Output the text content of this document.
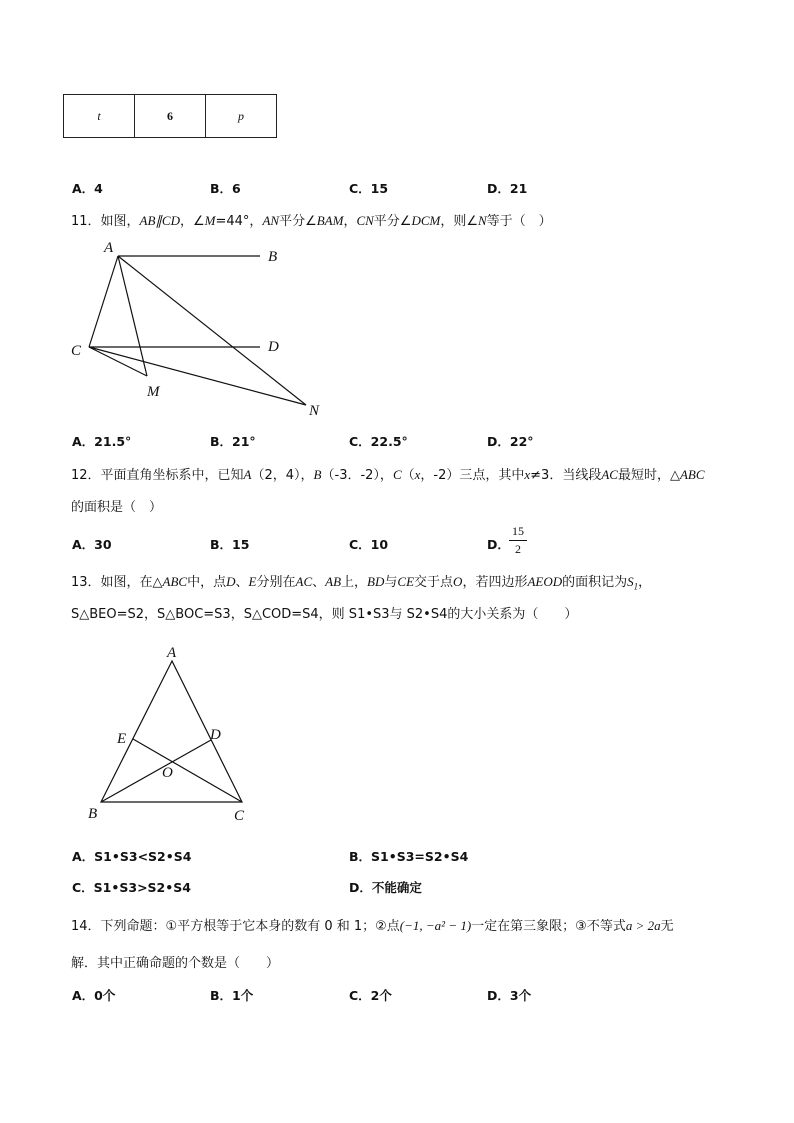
t	6	p
A．4	B．6	C．15	D．21
11．如图，AB∥CD，∠M=44°，AN平分∠BAM，CN平分∠DCM，则∠N等于（　）
A
B
C	D
M
N
A．21.5°	B．21°	C．22.5°	D．22°
12．平面直角坐标系中，已知A（2，4），B（-3．-2），C（x，-2）三点，其中x≠3．当线段AC最短时，△ABC
的面积是（　）
A．30	B．15	C．10	D．
15
2
13．如图，在△ABC中，点D、E分别在AC、AB上，BD与CE交于点O，若四边形AEOD的面积记为$S_1$，
S△BEO=S2，S△BOC=S3，S△COD=S4，则 S1•S3与 S2•S4的大小关系为（　　）
A
E	D
O
B	C
A．S1•S3<S2•S4	B．S1•S3=S2•S4
C．S1•S3>S2•S4	D．不能确定
14．下列命题：①平方根等于它本身的数有 0 和 1；②点(−1, −a² − 1)一定在第三象限；③不等式a > 2a无
解．其中正确命题的个数是（　　）
A．0个	B．1个	C．2个	D．3个
